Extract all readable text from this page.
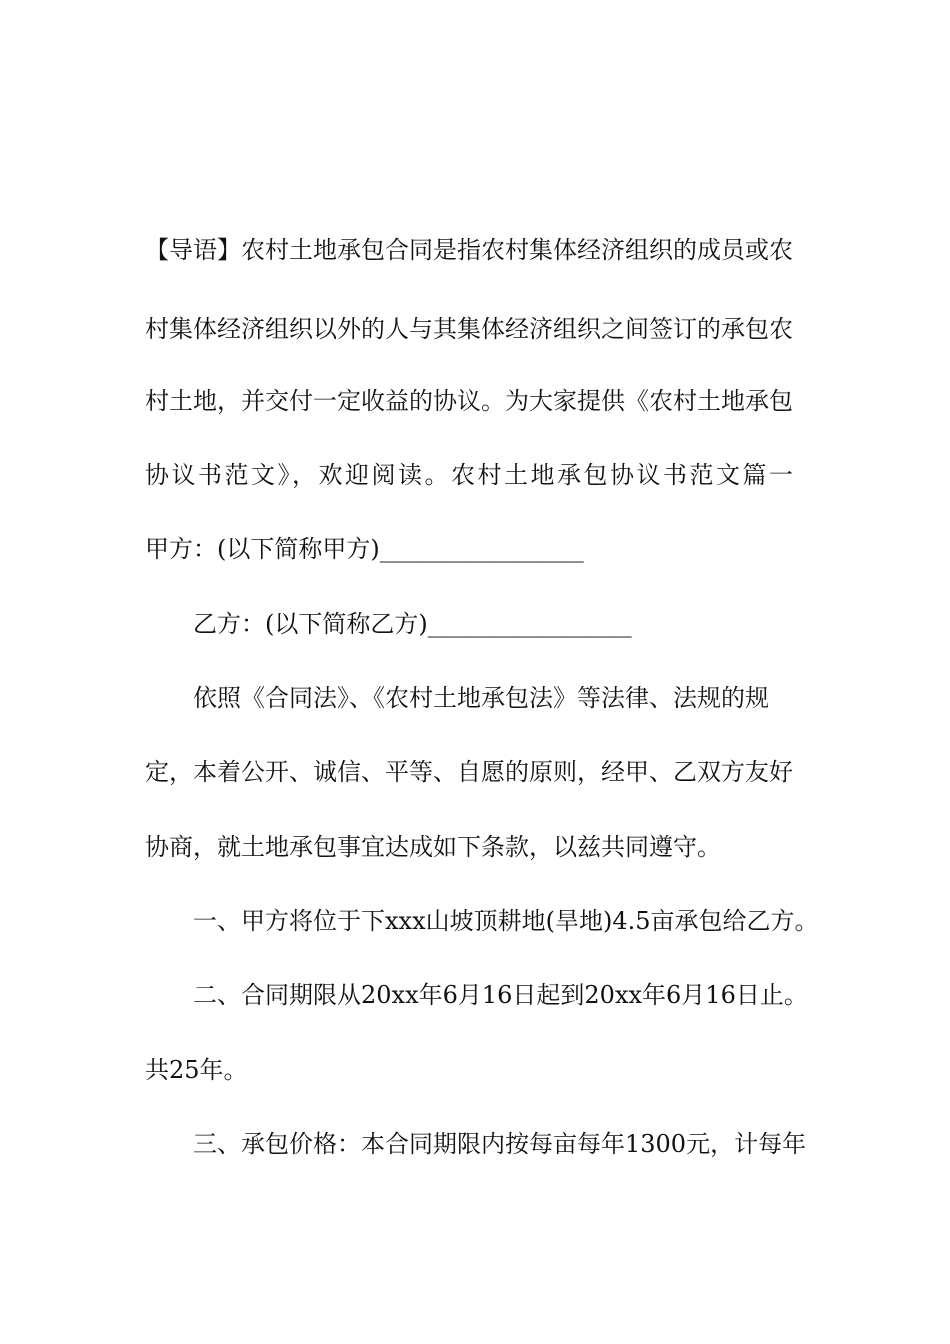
【导语】农村土地承包合同是指农村集体经济组织的成员或农
村集体经济组织以外的人与其集体经济组织之间签订的承包农
村土地，并交付一定收益的协议。为大家提供《农村土地承包
协议书范文》，欢迎阅读。农村土地承包协议书范文篇一
甲方：(以下简称甲方)_________________
乙方：(以下简称乙方)_________________
依照《合同法》、《农村土地承包法》等法律、法规的规
定，本着公开、诚信、平等、自愿的原则，经甲、乙双方友好
协商，就土地承包事宜达成如下条款，以兹共同遵守。
一、甲方将位于下xxx山坡顶耕地(旱地)4.5亩承包给乙方。
二、合同期限从20xx年6月16日起到20xx年6月16日止。
共25年。
三、承包价格：本合同期限内按每亩每年1300元，计每年
